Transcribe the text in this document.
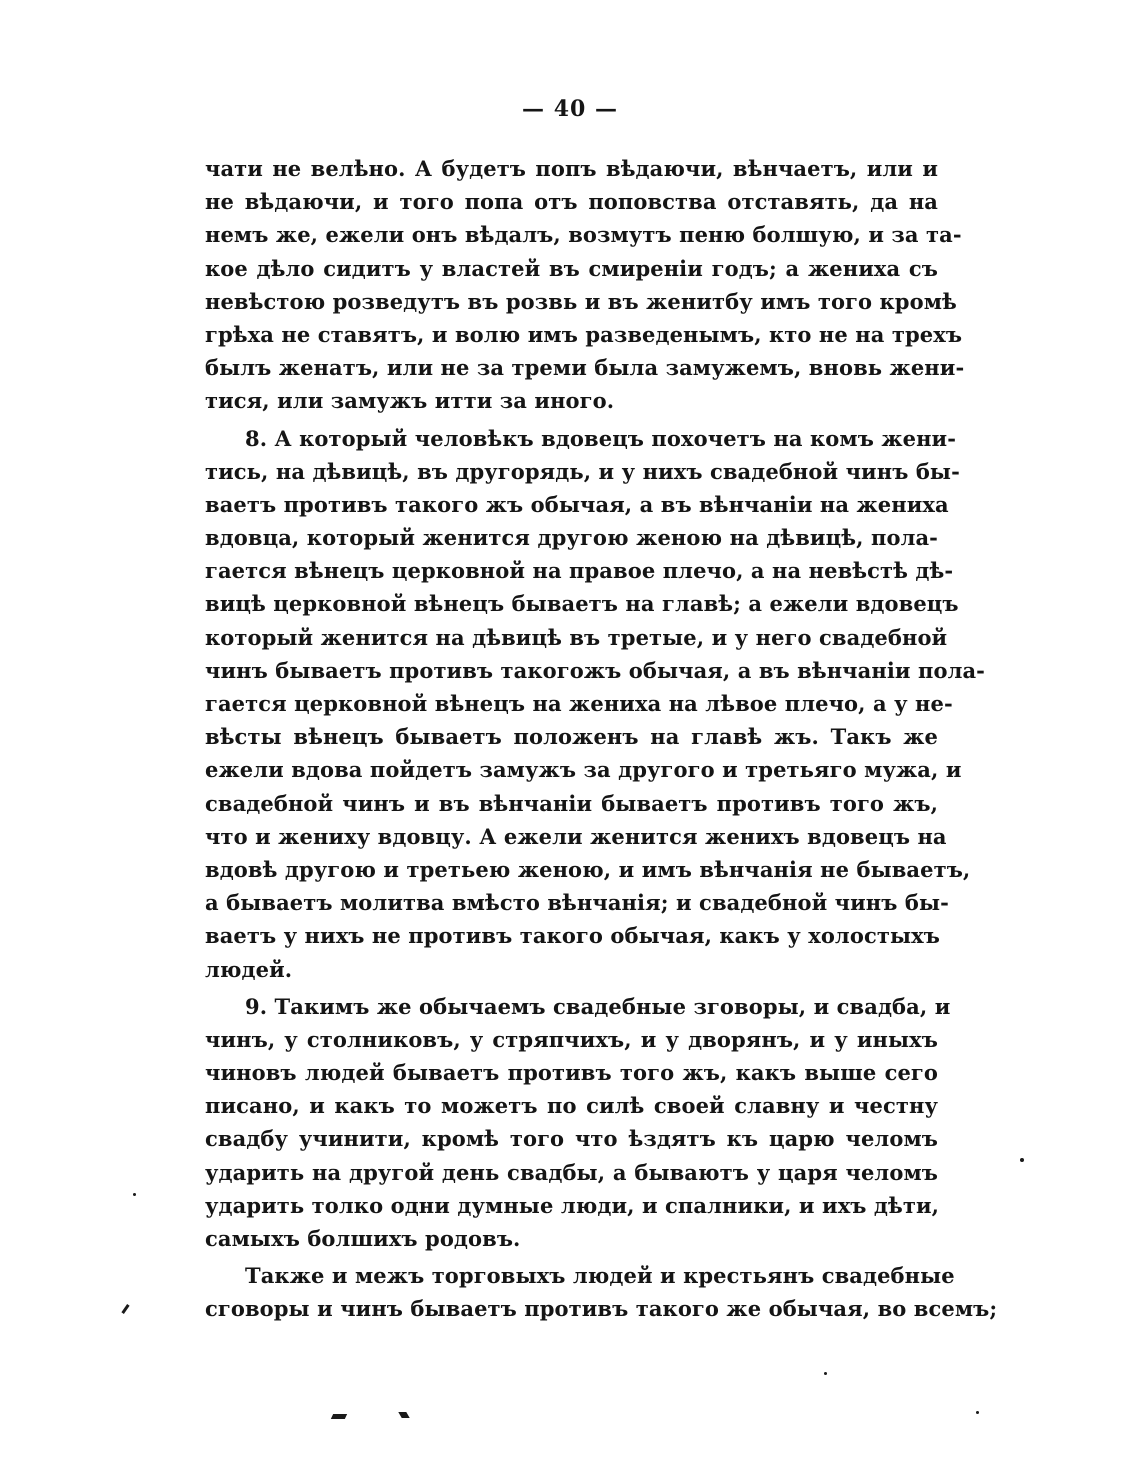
— 40 —
чати не велѣно. А будетъ попъ вѣдаючи, вѣнчаетъ, или и
не вѣдаючи, и того попа отъ поповства отставять, да на
немъ же, ежели онъ вѣдалъ, возмутъ пеню болшую, и за та-
кое дѣло сидитъ у властей въ смиреніи годъ; а жениха съ
невѣстою розведутъ въ розвь и въ женитбу имъ того кромѣ
грѣха не ставятъ, и волю имъ разведенымъ, кто не на трехъ
былъ женатъ, или не за треми была замужемъ, вновь жени-
тися, или замужъ итти за иного.
8. А который человѣкъ вдовецъ похочетъ на комъ жени-
тись, на дѣвицѣ, въ другорядь, и у нихъ свадебной чинъ бы-
ваетъ противъ такого жъ обычая, а въ вѣнчаніи на женихa
вдовца, который женится другою женою на дѣвицѣ, пола-
гается вѣнецъ церковной на правое плечо, а на невѣстѣ дѣ-
вицѣ церковной вѣнецъ бываетъ на главѣ; а ежели вдовецъ
который женится на дѣвицѣ въ третые, и у него свадебной
чинъ бываетъ противъ такогожъ обычая, а въ вѣнчаніи пола-
гается церковной вѣнецъ на жениха на лѣвое плечо, а у не-
вѣсты вѣнецъ бываетъ положенъ на главѣ жъ. Такъ же
ежели вдова пойдетъ замужъ за другого и третьяго мужа, и
свадебной чинъ и въ вѣнчаніи бываетъ противъ того жъ,
что и жениху вдовцу. А ежели женится женихъ вдовецъ на
вдовѣ другою и третьею женою, и имъ вѣнчанія не бываетъ,
а бываетъ молитва вмѣсто вѣнчанія; и свадебной чинъ бы-
ваетъ у нихъ не противъ такого обычая, какъ у холостыхъ
людей.
9. Такимъ же обычаемъ свадебные зговоры, и свадба, и
чинъ, у столниковъ, у стряпчихъ, и у дворянъ, и у иныхъ
чиновъ людей бываетъ противъ того жъ, какъ выше сего
писано, и какъ то можетъ по силѣ своей славну и честну
свадбу учинити, кромѣ того что ѣздятъ къ царю челомъ
ударить на другой день свадбы, а бываютъ у царя челомъ
ударить толко одни думные люди, и спалники, и ихъ дѣти,
самыхъ болшихъ родовъ.
Также и межъ торговыхъ людей и крестьянъ свадебные
сговоры и чинъ бываетъ противъ такого же обычая, во всемъ;
